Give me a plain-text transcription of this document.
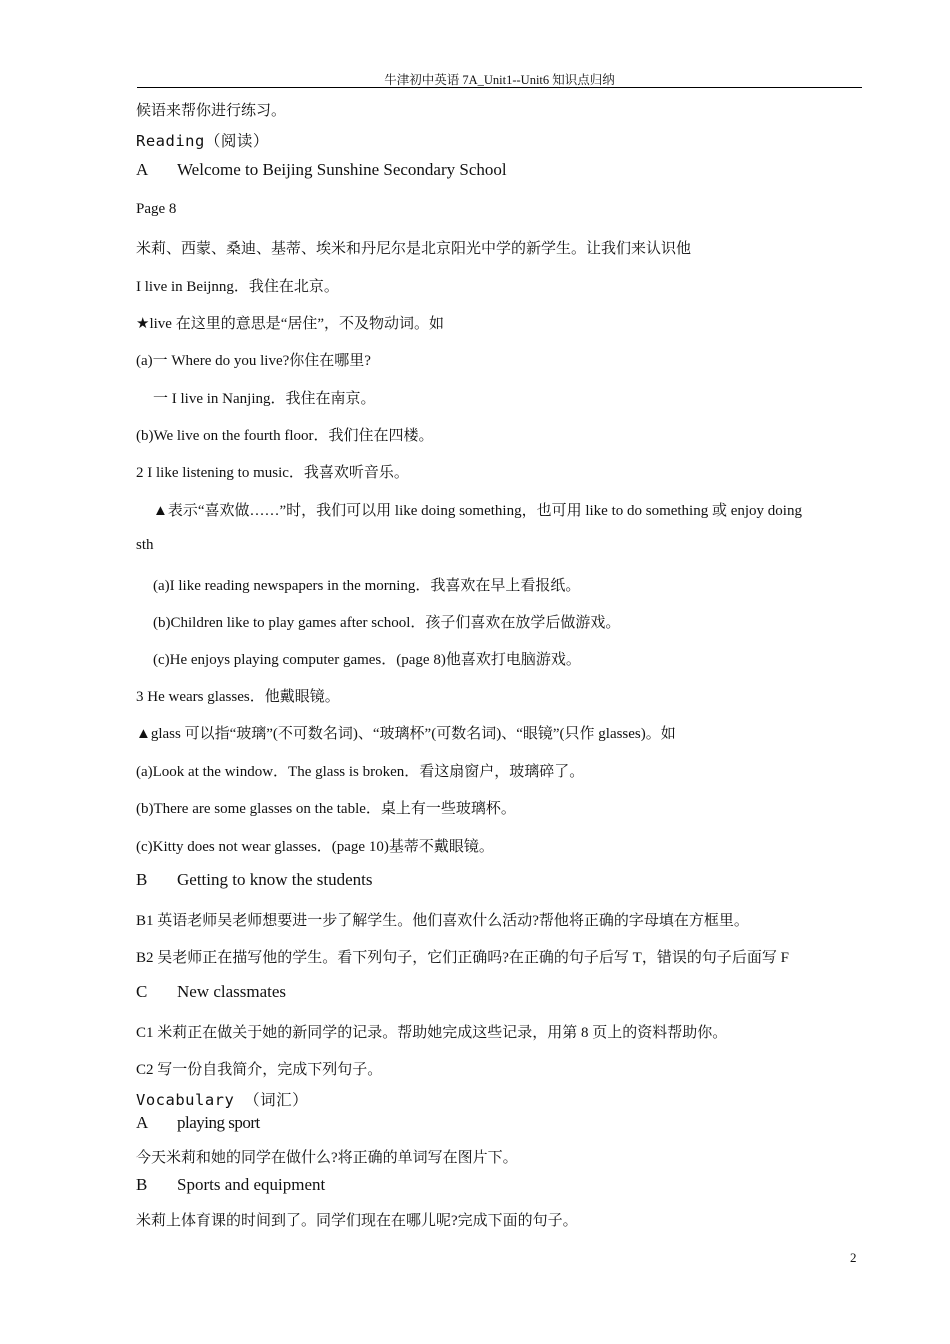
牛津初中英语 7A_Unit1--Unit6 知识点归纳
候语来帮你进行练习。
Reading（阅读）
A Welcome to Beijing Sunshine Secondary School
Page 8
米莉、西蒙、桑迪、基蒂、埃米和丹尼尔是北京阳光中学的新学生。让我们来认识他
I live in Beijnng．我住在北京。
★live 在这里的意思是“居住”，不及物动词。如
(a)一 Where do you live?你住在哪里?
一 I live in Nanjing．我住在南京。
(b)We live on the fourth floor．我们住在四楼。
2 I like listening to music．我喜欢听音乐。
▲表示“喜欢做……”时，我们可以用 like doing something，也可用 like to do something 或 enjoy doing
sth
(a)I like reading newspapers in the morning．我喜欢在早上看报纸。
(b)Children like to play games after school．孩子们喜欢在放学后做游戏。
(c)He enjoys playing computer games．(page 8)他喜欢打电脑游戏。
3 He wears glasses．他戴眼镜。
▲glass 可以指“玻璃”(不可数名词)、“玻璃杯”(可数名词)、“眼镜”(只作 glasses)。如
(a)Look at the window．The glass is broken．看这扇窗户，玻璃碎了。
(b)There are some glasses on the table．桌上有一些玻璃杯。
(c)Kitty does not wear glasses．(page 10)基蒂不戴眼镜。
B Getting to know the students
B1 英语老师吴老师想要进一步了解学生。他们喜欢什么活动?帮他将正确的字母填在方框里。
B2 吴老师正在描写他的学生。看下列句子，它们正确吗?在正确的句子后写 T，错误的句子后面写 F
C New classmates
C1 米莉正在做关于她的新同学的记录。帮助她完成这些记录，用第 8 页上的资料帮助你。
C2 写一份自我简介，完成下列句子。
Vocabulary （词汇）
A playing sport
今天米莉和她的同学在做什么?将正确的单词写在图片下。
B Sports and equipment
米莉上体育课的时间到了。同学们现在在哪儿呢?完成下面的句子。
2
